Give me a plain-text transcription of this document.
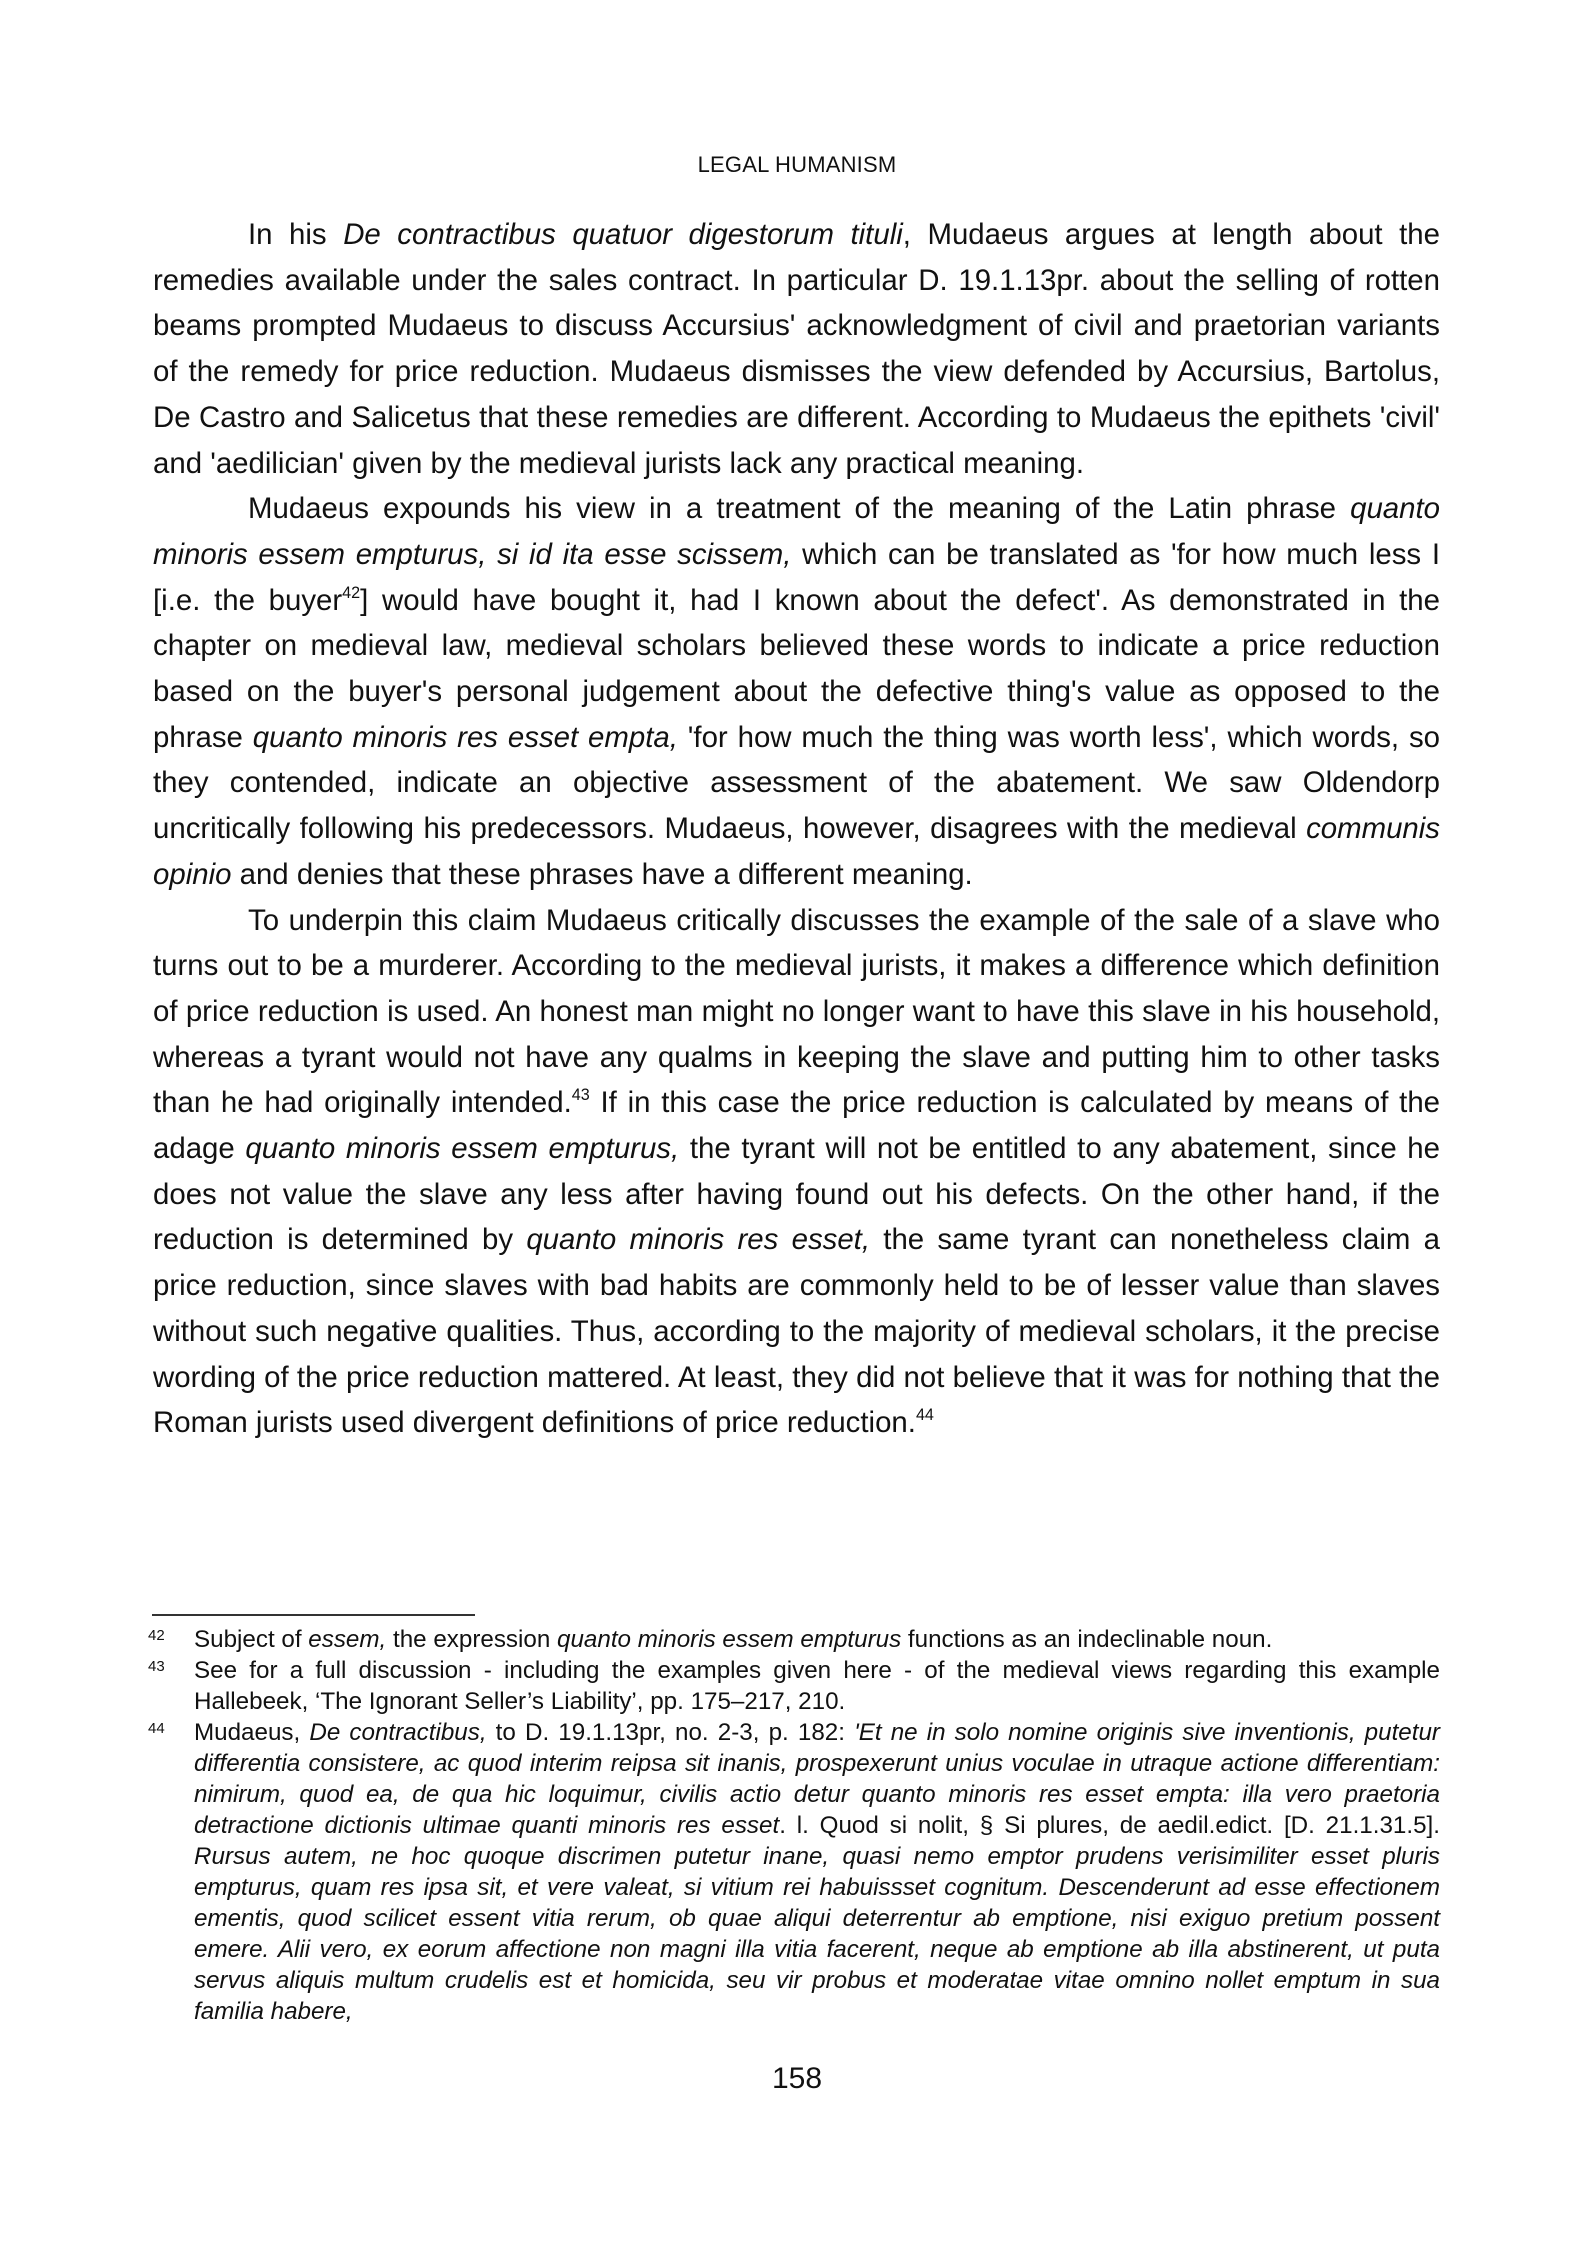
LEGAL HUMANISM

In his De contractibus quatuor digestorum tituli, Mudaeus argues at length about the remedies available under the sales contract. In particular D. 19.1.13pr. about the selling of rotten beams prompted Mudaeus to discuss Accursius' acknowledgment of civil and praetorian variants of the remedy for price reduction. Mudaeus dismisses the view defended by Accursius, Bartolus, De Castro and Salicetus that these remedies are different. According to Mudaeus the epithets 'civil' and 'aedilician' given by the medieval jurists lack any practical meaning.

Mudaeus expounds his view in a treatment of the meaning of the Latin phrase quanto minoris essem empturus, si id ita esse scissem, which can be translated as 'for how much less I [i.e. the buyer$^{42}$] would have bought it, had I known about the defect'. As demonstrated in the chapter on medieval law, medieval scholars believed these words to indicate a price reduction based on the buyer's personal judgement about the defective thing's value as opposed to the phrase quanto minoris res esset empta, 'for how much the thing was worth less', which words, so they contended, indicate an objective assessment of the abatement. We saw Oldendorp uncritically following his predecessors. Mudaeus, however, disagrees with the medieval communis opinio and denies that these phrases have a different meaning.

To underpin this claim Mudaeus critically discusses the example of the sale of a slave who turns out to be a murderer. According to the medieval jurists, it makes a difference which definition of price reduction is used. An honest man might no longer want to have this slave in his household, whereas a tyrant would not have any qualms in keeping the slave and putting him to other tasks than he had originally intended.$^{43}$ If in this case the price reduction is calculated by means of the adage quanto minoris essem empturus, the tyrant will not be entitled to any abatement, since he does not value the slave any less after having found out his defects. On the other hand, if the reduction is determined by quanto minoris res esset, the same tyrant can nonetheless claim a price reduction, since slaves with bad habits are commonly held to be of lesser value than slaves without such negative qualities. Thus, according to the majority of medieval scholars, it the precise wording of the price reduction mattered. At least, they did not believe that it was for nothing that the Roman jurists used divergent definitions of price reduction.$^{44}$

42 Subject of essem, the expression quanto minoris essem empturus functions as an indeclinable noun.
43 See for a full discussion - including the examples given here - of the medieval views regarding this example Hallebeek, ‘The Ignorant Seller’s Liability’, pp. 175–217, 210.
44 Mudaeus, De contractibus, to D. 19.1.13pr, no. 2-3, p. 182: 'Et ne in solo nomine originis sive inventionis, putetur differentia consistere, ac quod interim reipsa sit inanis, prospexerunt unius voculae in utraque actione differentiam: nimirum, quod ea, de qua hic loquimur, civilis actio detur quanto minoris res esset empta: illa vero praetoria detractione dictionis ultimae quanti minoris res esset. l. Quod si nolit, § Si plures, de aedil.edict. [D. 21.1.31.5]. Rursus autem, ne hoc quoque discrimen putetur inane, quasi nemo emptor prudens verisimiliter esset pluris empturus, quam res ipsa sit, et vere valeat, si vitium rei habuissset cognitum. Descenderunt ad esse effectionem ementis, quod scilicet essent vitia rerum, ob quae aliqui deterrentur ab emptione, nisi exiguo pretium possent emere. Alii vero, ex eorum affectione non magni illa vitia facerent, neque ab emptione ab illa abstinerent, ut puta servus aliquis multum crudelis est et homicida, seu vir probus et moderatae vitae omnino nollet emptum in sua familia habere,
158
